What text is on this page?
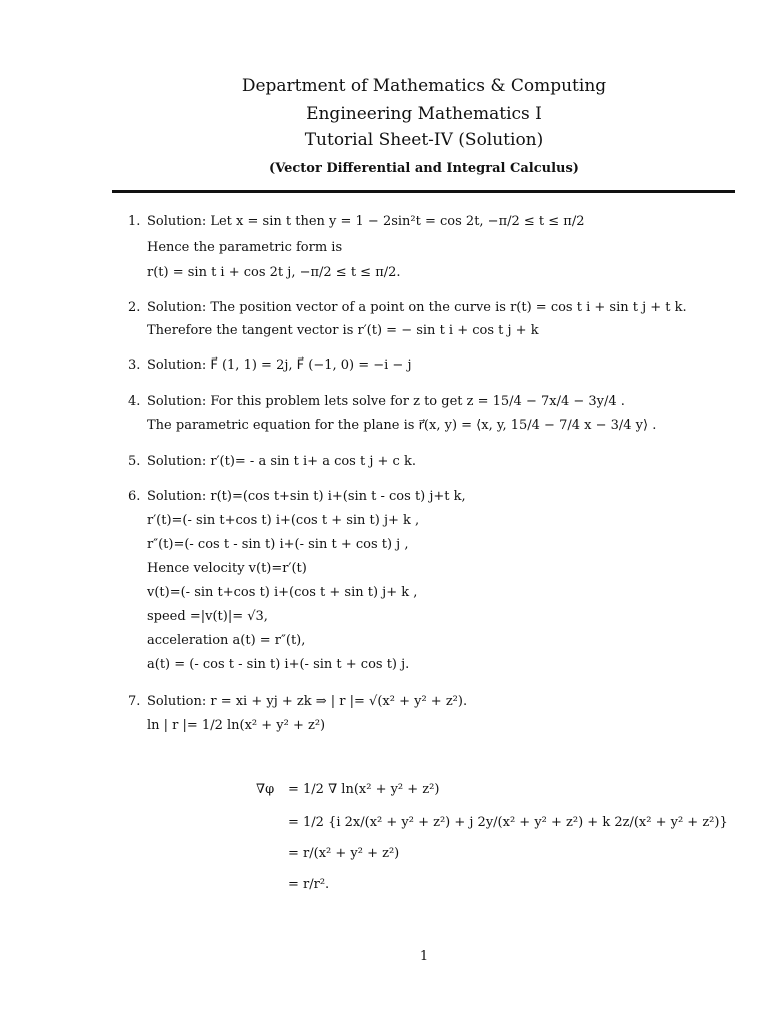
Department of Mathematics & Computing
Engineering Mathematics I
Tutorial Sheet-IV (Solution)
(Vector Differential and Integral Calculus)
1. Solution: Let x = sin t then y = 1 − 2sin²t = cos 2t, −π/2 ≤ t ≤ π/2
Hence the parametric form is
r(t) = sin t i + cos 2t j, −π/2 ≤ t ≤ π/2.
2. Solution: The position vector of a point on the curve is r(t) = cos t i + sin t j + t k.
Therefore the tangent vector is r′(t) = − sin t i + cos t j + k
3. Solution: F⃗ (1, 1) = 2j, F⃗ (−1, 0) = −i − j
4. Solution: For this problem lets solve for z to get z = 15/4 − 7x/4 − 3y/4 .
The parametric equation for the plane is r⃗(x, y) = ⟨x, y, 15/4 − 7/4 x − 3/4 y⟩ .
5. Solution: r′(t)= - a sin t i+ a cos t j + c k.
6. Solution: r(t)=(cos t+sin t) i+(sin t - cos t) j+t k,
r′(t)=(- sin t+cos t) i+(cos t + sin t) j+ k ,
r″(t)=(- cos t - sin t) i+(- sin t + cos t) j ,
Hence velocity v(t)=r′(t)
v(t)=(- sin t+cos t) i+(cos t + sin t) j+ k ,
speed =|v(t)|= √3,
acceleration a(t) = r″(t),
a(t) = (- cos t - sin t) i+(- sin t + cos t) j.
7. Solution: r = xi + yj + zk ⇒ | r |= √(x² + y² + z²).
ln | r |= 1/2 ln(x² + y² + z²)
∇φ = 1/2 ∇ ln(x² + y² + z²)
= 1/2 {i 2x/(x² + y² + z²) + j 2y/(x² + y² + z²) + k 2z/(x² + y² + z²)}
= r/(x² + y² + z²)
= r/r².
1
